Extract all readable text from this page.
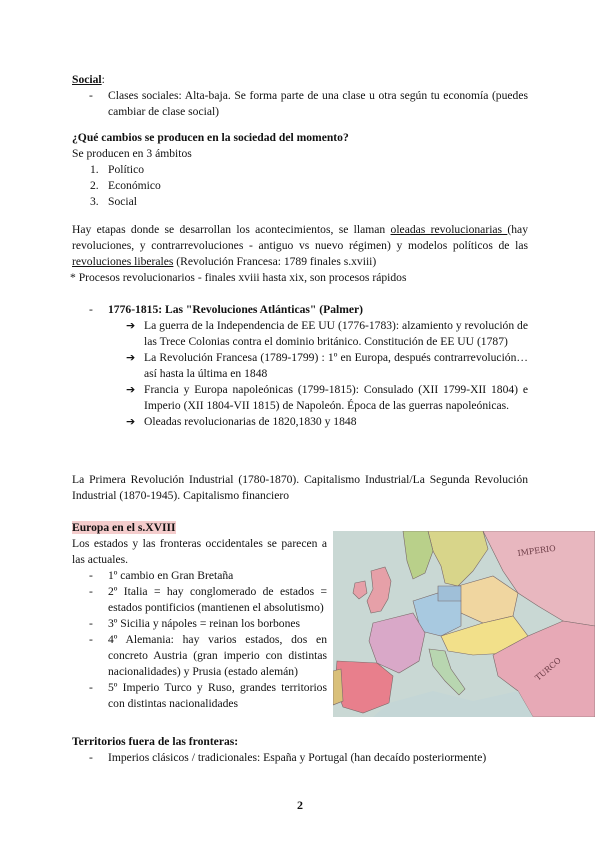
Social:

- Clases sociales: Alta-baja. Se forma parte de una clase u otra según tu economía (puedes cambiar de clase social)

¿Qué cambios se producen en la sociedad del momento?

Se producen en 3 ámbitos

1. Político
2. Económico
3. Social

Hay etapas donde se desarrollan los acontecimientos, se llaman oleadas revolucionarias (hay revoluciones, y contrarrevoluciones - antiguo vs nuevo régimen) y modelos políticos de las revoluciones liberales (Revolución Francesa: 1789 finales s.xviii)

* Procesos revolucionarios - finales xviii hasta xix, son procesos rápidos

- 1776-1815: Las "Revoluciones Atlánticas" (Palmer)
➔ La guerra de la Independencia de EE UU (1776-1783): alzamiento y revolución de las Trece Colonias contra el dominio británico. Constitución de EE UU (1787)
➔ La Revolución Francesa (1789-1799) : 1º en Europa, después contrarrevolución… así hasta la última en 1848
➔ Francia y Europa napoleónicas (1799-1815): Consulado (XII 1799-XII 1804) e Imperio (XII 1804-VII 1815) de Napoleón. Época de las guerras napoleónicas.
➔ Oleadas revolucionarias de 1820,1830 y 1848

La Primera Revolución Industrial (1780-1870). Capitalismo Industrial/La Segunda Revolución Industrial (1870-1945). Capitalismo financiero

Europa en el s.XVIII

Los estados y las fronteras occidentales se parecen a las actuales.

- 1º cambio en Gran Bretaña
- 2º Italia = hay conglomerado de estados = estados pontificios (mantienen el absolutismo)
- 3º Sicilia y nápoles = reinan los borbones
- 4º Alemania: hay varios estados, dos en concreto Austria (gran imperio con distintas nacionalidades) y Prusia (estado alemán)
- 5º Imperio Turco y Ruso, grandes territorios con distintas nacionalidades
IMPERIO
TURCO

Territorios fuera de las fronteras:

- Imperios clásicos / tradicionales: España y Portugal (han decaído posteriormente)
2
